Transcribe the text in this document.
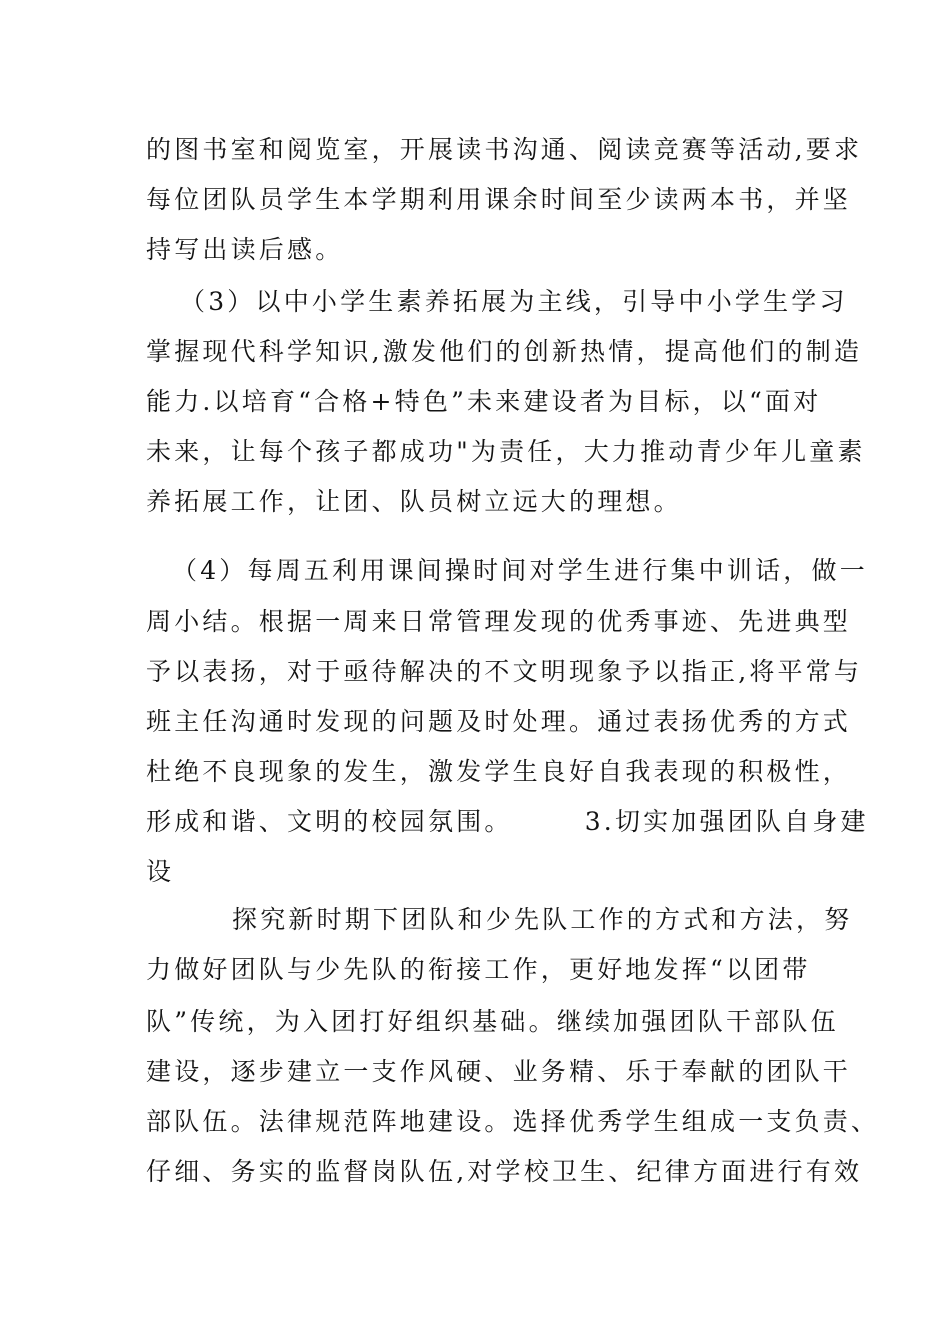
的图书室和阅览室，开展读书沟通、阅读竞赛等活动,要求
每位团队员学生本学期利用课余时间至少读两本书，并坚
持写出读后感。
（3）以中小学生素养拓展为主线，引导中小学生学习
掌握现代科学知识,激发他们的创新热情，提高他们的制造
能力.以培育“合格+特色”未来建设者为目标，以“面对
未来，让每个孩子都成功"为责任，大力推动青少年儿童素
养拓展工作，让团、队员树立远大的理想。
（4）每周五利用课间操时间对学生进行集中训话，做一
周小结。根据一周来日常管理发现的优秀事迹、先进典型
予以表扬，对于亟待解决的不文明现象予以指正,将平常与
班主任沟通时发现的问题及时处理。通过表扬优秀的方式
杜绝不良现象的发生，激发学生良好自我表现的积极性，
形成和谐、文明的校园氛围。　　　3.切实加强团队自身建
设
探究新时期下团队和少先队工作的方式和方法，努
力做好团队与少先队的衔接工作，更好地发挥“以团带
队”传统，为入团打好组织基础。继续加强团队干部队伍
建设，逐步建立一支作风硬、业务精、乐于奉献的团队干
部队伍。法律规范阵地建设。选择优秀学生组成一支负责、
仔细、务实的监督岗队伍,对学校卫生、纪律方面进行有效
